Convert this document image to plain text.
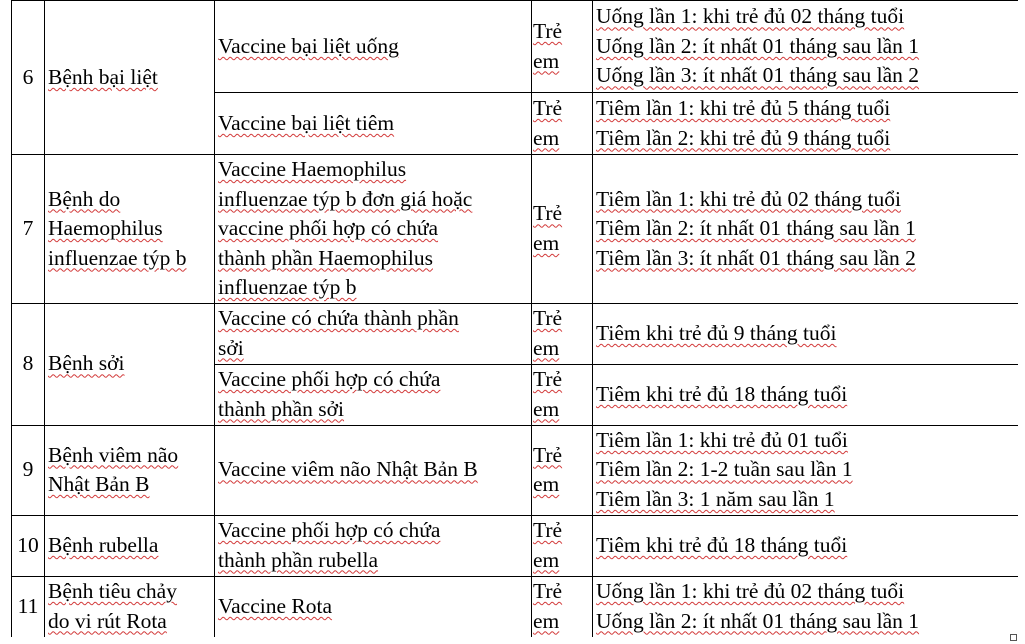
6	Bệnh bại liệt	Vaccine bại liệt uống	Trẻ
em	Uống lần 1: khi trẻ đủ 02 tháng tuổi
Uống lần 2: ít nhất 01 tháng sau lần 1
Uống lần 3: ít nhất 01 tháng sau lần 2

		Vaccine bại liệt tiêm	Trẻ
em	Tiêm lần 1: khi trẻ đủ 5 tháng tuổi
Tiêm lần 2: khi trẻ đủ 9 tháng tuổi

7	Bệnh do
Haemophilus
influenzae týp b	Vaccine Haemophilus
influenzae týp b đơn giá hoặc
vaccine phối hợp có chứa
thành phần Haemophilus
influenzae týp b	Trẻ
em	Tiêm lần 1: khi trẻ đủ 02 tháng tuổi
Tiêm lần 2: ít nhất 01 tháng sau lần 1
Tiêm lần 3: ít nhất 01 tháng sau lần 2

8	Bệnh sởi	Vaccine có chứa thành phần
sởi	Trẻ
em	Tiêm khi trẻ đủ 9 tháng tuổi

		Vaccine phối hợp có chứa
thành phần sởi	Trẻ
em	Tiêm khi trẻ đủ 18 tháng tuổi

9	Bệnh viêm não
Nhật Bản B	Vaccine viêm não Nhật Bản B	Trẻ
em	Tiêm lần 1: khi trẻ đủ 01 tuổi
Tiêm lần 2: 1-2 tuần sau lần 1
Tiêm lần 3: 1 năm sau lần 1

10	Bệnh rubella	Vaccine phối hợp có chứa
thành phần rubella	Trẻ
em	Tiêm khi trẻ đủ 18 tháng tuổi

11	Bệnh tiêu chảy
do vi rút Rota	Vaccine Rota	Trẻ
em	Uống lần 1: khi trẻ đủ 02 tháng tuổi
Uống lần 2: ít nhất 01 tháng sau lần 1
